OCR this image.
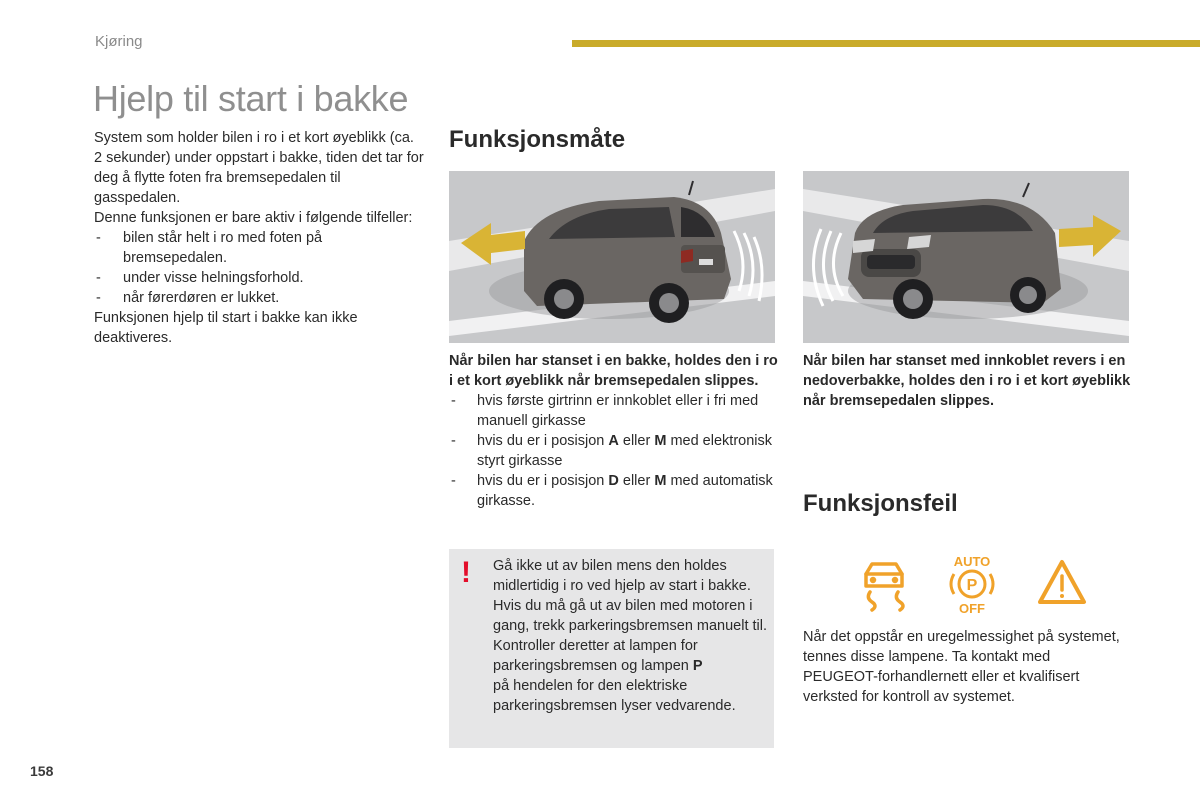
Kjøring
Hjelp til start i bakke

System som holder bilen i ro i et kort øyeblikk (ca. 2 sekunder) under oppstart i bakke, tiden det tar for deg å flytte foten fra bremsepedalen til gasspedalen.

Denne funksjonen er bare aktiv i følgende tilfeller:

- bilen står helt i ro med foten på bremsepedalen.
- under visse helningsforhold.
- når førerdøren er lukket.

Funksjonen hjelp til start i bakke kan ikke deaktiveres.

Funksjonsmåte

Når bilen har stanset i en bakke, holdes den i ro i et kort øyeblikk når bremsepedalen slippes.

- hvis første girtrinn er innkoblet eller i fri med manuell girkasse
- hvis du er i posisjon A eller M med elektronisk styrt girkasse
- hvis du er i posisjon D eller M med automatisk girkasse.
Når bilen har stanset med innkoblet revers i en nedoverbakke, holdes den i ro i et kort øyeblikk når bremsepedalen slippes.
! Gå ikke ut av bilen mens den holdes midlertidig i ro ved hjelp av start i bakke. Hvis du må gå ut av bilen med motoren i gang, trekk parkeringsbremsen manuelt til. Kontroller deretter at lampen for parkeringsbremsen og lampen P
på hendelen for den elektriske parkeringsbremsen lyser vedvarende.
Funksjonsfeil
AUTO
P
OFF
Når det oppstår en uregelmessighet på systemet, tennes disse lampene. Ta kontakt med PEUGEOT-forhandlernett eller et kvalifisert verksted for kontroll av systemet.
158
